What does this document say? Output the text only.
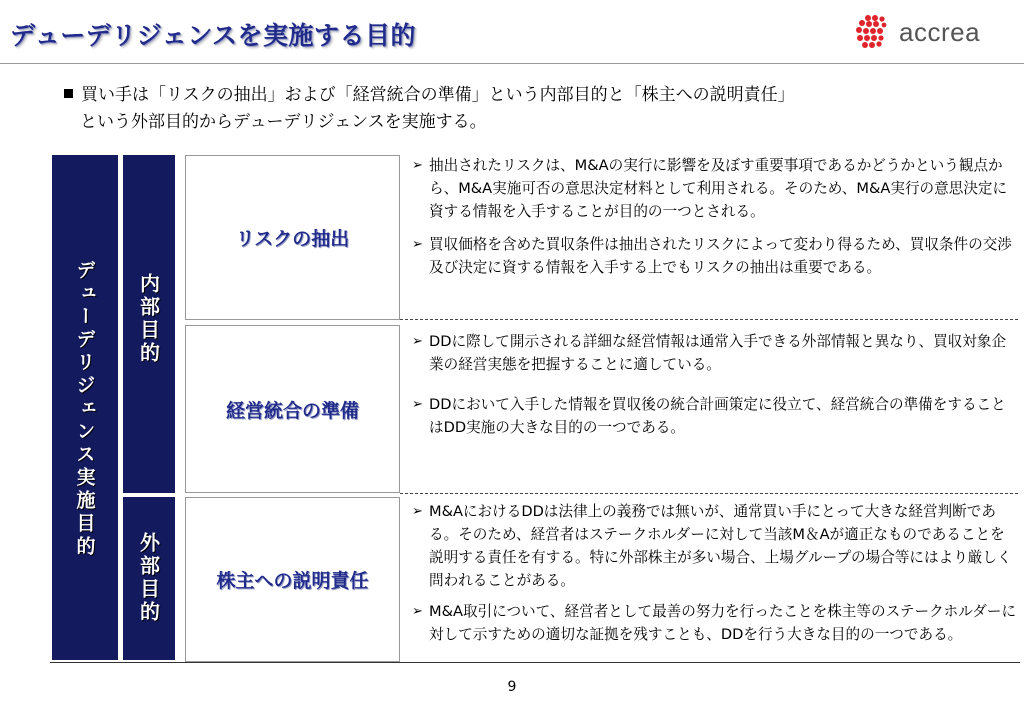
デューデリジェンスを実施する目的	accrea
買い手は「リスクの抽出」および「経営統合の準備」という内部目的と「株主への説明責任」
という外部目的からデューデリジェンスを実施する。
デューデリジェンス実施目的 内部目的
外部目的
リスクの抽出
経営統合の準備
株主への説明責任

➢ 抽出されたリスクは、M&Aの実行に影響を及ぼす重要事項であるかどうかという観点から、M&A実施可否の意思決定材料として利用される。そのため、M&A実行の意思決定に資する情報を入手することが目的の一つとされる。

➢ 買収価格を含めた買収条件は抽出されたリスクによって変わり得るため、買収条件の交渉及び決定に資する情報を入手する上でもリスクの抽出は重要である。

➢ DDに際して開示される詳細な経営情報は通常入手できる外部情報と異なり、買収対象企業の経営実態を把握することに適している。

➢ DDにおいて入手した情報を買収後の統合計画策定に役立て、経営統合の準備をすることはDD実施の大きな目的の一つである。

➢ M&AにおけるDDは法律上の義務では無いが、通常買い手にとって大きな経営判断である。そのため、経営者はステークホルダーに対して当該M＆Aが適正なものであることを説明する責任を有する。特に外部株主が多い場合、上場グループの場合等にはより厳しく問われることがある。

➢ M&A取引について、経営者として最善の努力を行ったことを株主等のステークホルダーに対して示すための適切な証拠を残すことも、DDを行う大きな目的の一つである。

9
